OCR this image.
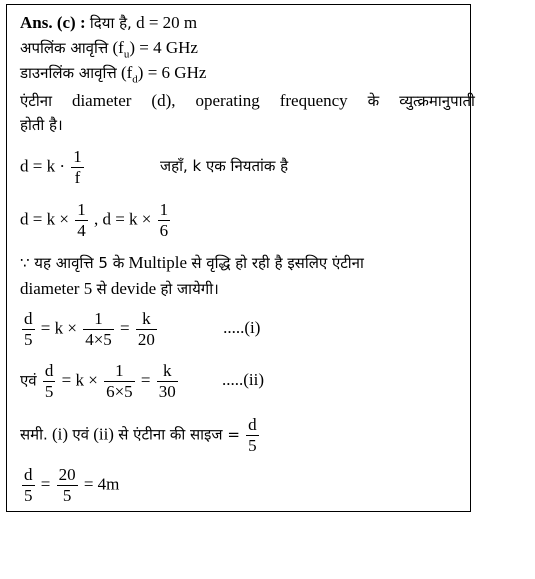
Ans. (c) : दिया है, d = 20 m
अपलिंक आवृत्ति $(f_u) = 4$ GHz
डाउनलिंक आवृत्ति $(f_d) = 6$ GHz
एंटीना diameter (d), operating frequency के व्युत्क्रमानुपाती
होती है।
$d = k \cdot \frac{1}{f}$	जहाँ, k एक नियतांक है
$d = k \times \frac{1}{4}$ , $d = k \times \frac{1}{6}$
∵ यह आवृत्ति 5 के Multiple से वृद्धि हो रही है इसलिए एंटीना
diameter 5 से devide हो जायेगी।
$\frac{d}{5} = k \times \frac{1}{4\times 5} = \frac{k}{20}$	.....(i)
एवं $\frac{d}{5} = k \times \frac{1}{6\times 5} = \frac{k}{30}$	.....(ii)
समी. (i) एवं (ii) से एंटीना की साइज = $\frac{d}{5}$
$\frac{d}{5} = \frac{20}{5} = 4m$
